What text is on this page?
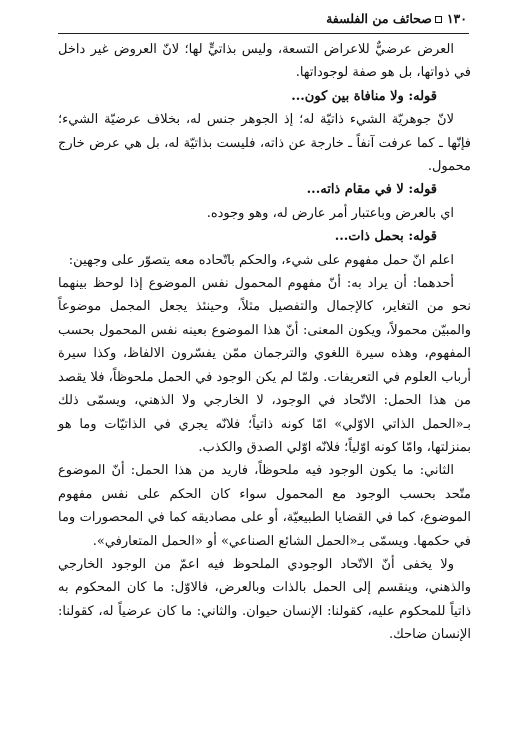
١٣٠صحائف من الفلسفة

العرض عرضيٌّ للاعراض التسعة، وليس بذاتيٍّ لها؛ لانّ العروض غير داخل في ذواتها، بل هو صفة لوجوداتها.

قوله: ولا منافاة بين كون...

لانّ جوهريّة الشيء ذاتيّة له؛ إذ الجوهر جنس له، بخلاف عرضيّة الشيء؛ فإنّها ـ كما عرفت آنفاً ـ خارجة عن ذاته، فليست بذاتيّة له، بل هي عرض خارج محمول.

قوله: لا في مقام ذاته...

اي بالعرض وباعتبار أمر عارض له، وهو وجوده.

قوله: بحمل ذات...

اعلم انّ حمل مفهوم على شيء، والحكم باتّحاده معه يتصوّر على وجهين:

أحدهما: أن يراد به: أنّ مفهوم المحمول نفس الموضوع إذا لوحظ بينهما نحو من التغاير، كالإجمال والتفصيل مثلاً، وحينئذ يجعل المجمل موضوعاً والمبيّن محمولاً، ويكون المعنى: أنّ هذا الموضوع بعينه نفس المحمول بحسب المفهوم، وهذه سيرة اللغوي والترجمان ممّن يفسّرون الالفاظ، وكذا سيرة أرباب العلوم في التعريفات. ولمّا لم يكن الوجود في الحمل ملحوظاً، فلا يقصد من هذا الحمل: الاتّحاد في الوجود، لا الخارجي ولا الذهني، ويسمّى ذلك بـ«الحمل الذاتي الاوّلي» امّا كونه ذاتياً؛ فلانّه يجري في الذاتيّات وما هو بمنزلتها، وامّا كونه اوّلياً؛ فلانّه اوّلي الصدق والكذب.

الثاني: ما يكون الوجود فيه ملحوظاً، فاريد من هذا الحمل: أنّ الموضوع متّحد بحسب الوجود مع المحمول سواء كان الحكم على نفس مفهوم الموضوع، كما في القضايا الطبيعيّة، أو على مصاديقه كما في المحصورات وما في حكمها. ويسمّى بـ«الحمل الشائع الصناعي» أو «الحمل المتعارفي».

ولا يخفى أنّ الاتّحاد الوجودي الملحوظ فيه اعمّ من الوجود الخارجي والذهني، وينقسم إلى الحمل بالذات وبالعرض، فالاوّل: ما كان المحكوم به ذاتياً للمحكوم عليه، كقولنا: الإنسان حيوان. والثاني: ما كان عرضياً له، كقولنا: الإنسان ضاحك.
